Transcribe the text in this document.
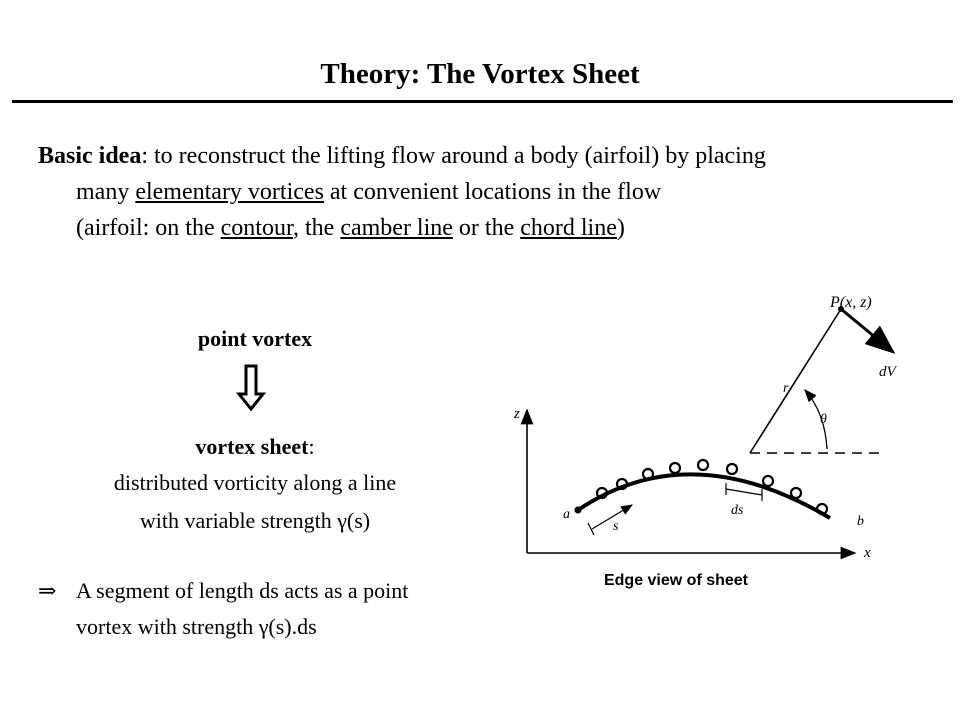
Theory: The Vortex Sheet
Basic idea: to reconstruct the lifting flow around a body (airfoil) by placing
many elementary vortices at convenient locations in the flow
(airfoil: on the contour, the camber line or the chord line)
point vortex
vortex sheet:
distributed vorticity along a line
with variable strength γ(s)
⇒ A segment of length ds acts as a point
vortex with strength γ(s).ds
z
x
a	b
s
ds
r
θ
P(x, z)
dV
Edge view of sheet
